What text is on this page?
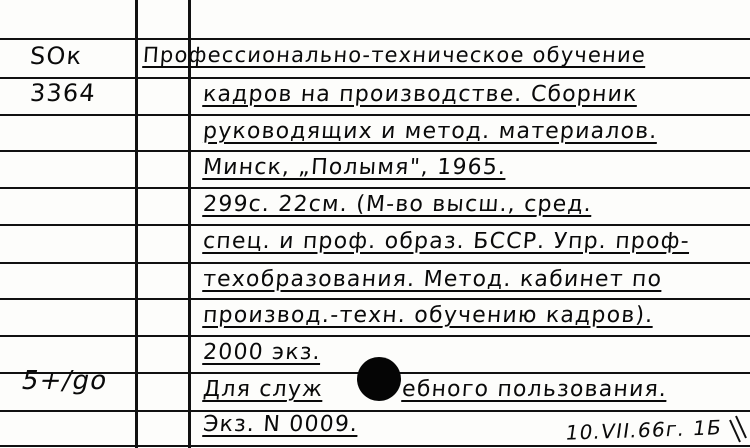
SOк
3364
5+/go
Профессионально-техническое обучение
кадров на производстве. Сборник
руководящих и метод. материалов.
Минск, „Полымя", 1965.
299с. 22см. (М-во высш., сред.
спец. и проф. образ. БССР. Упр. проф-
техобразования. Метод. кабинет по
производ.-техн. обучению кадров).
2000 экз.
Для служ	ебного пользования.
Экз. N 0009.	10.VII.66г. 1Б
